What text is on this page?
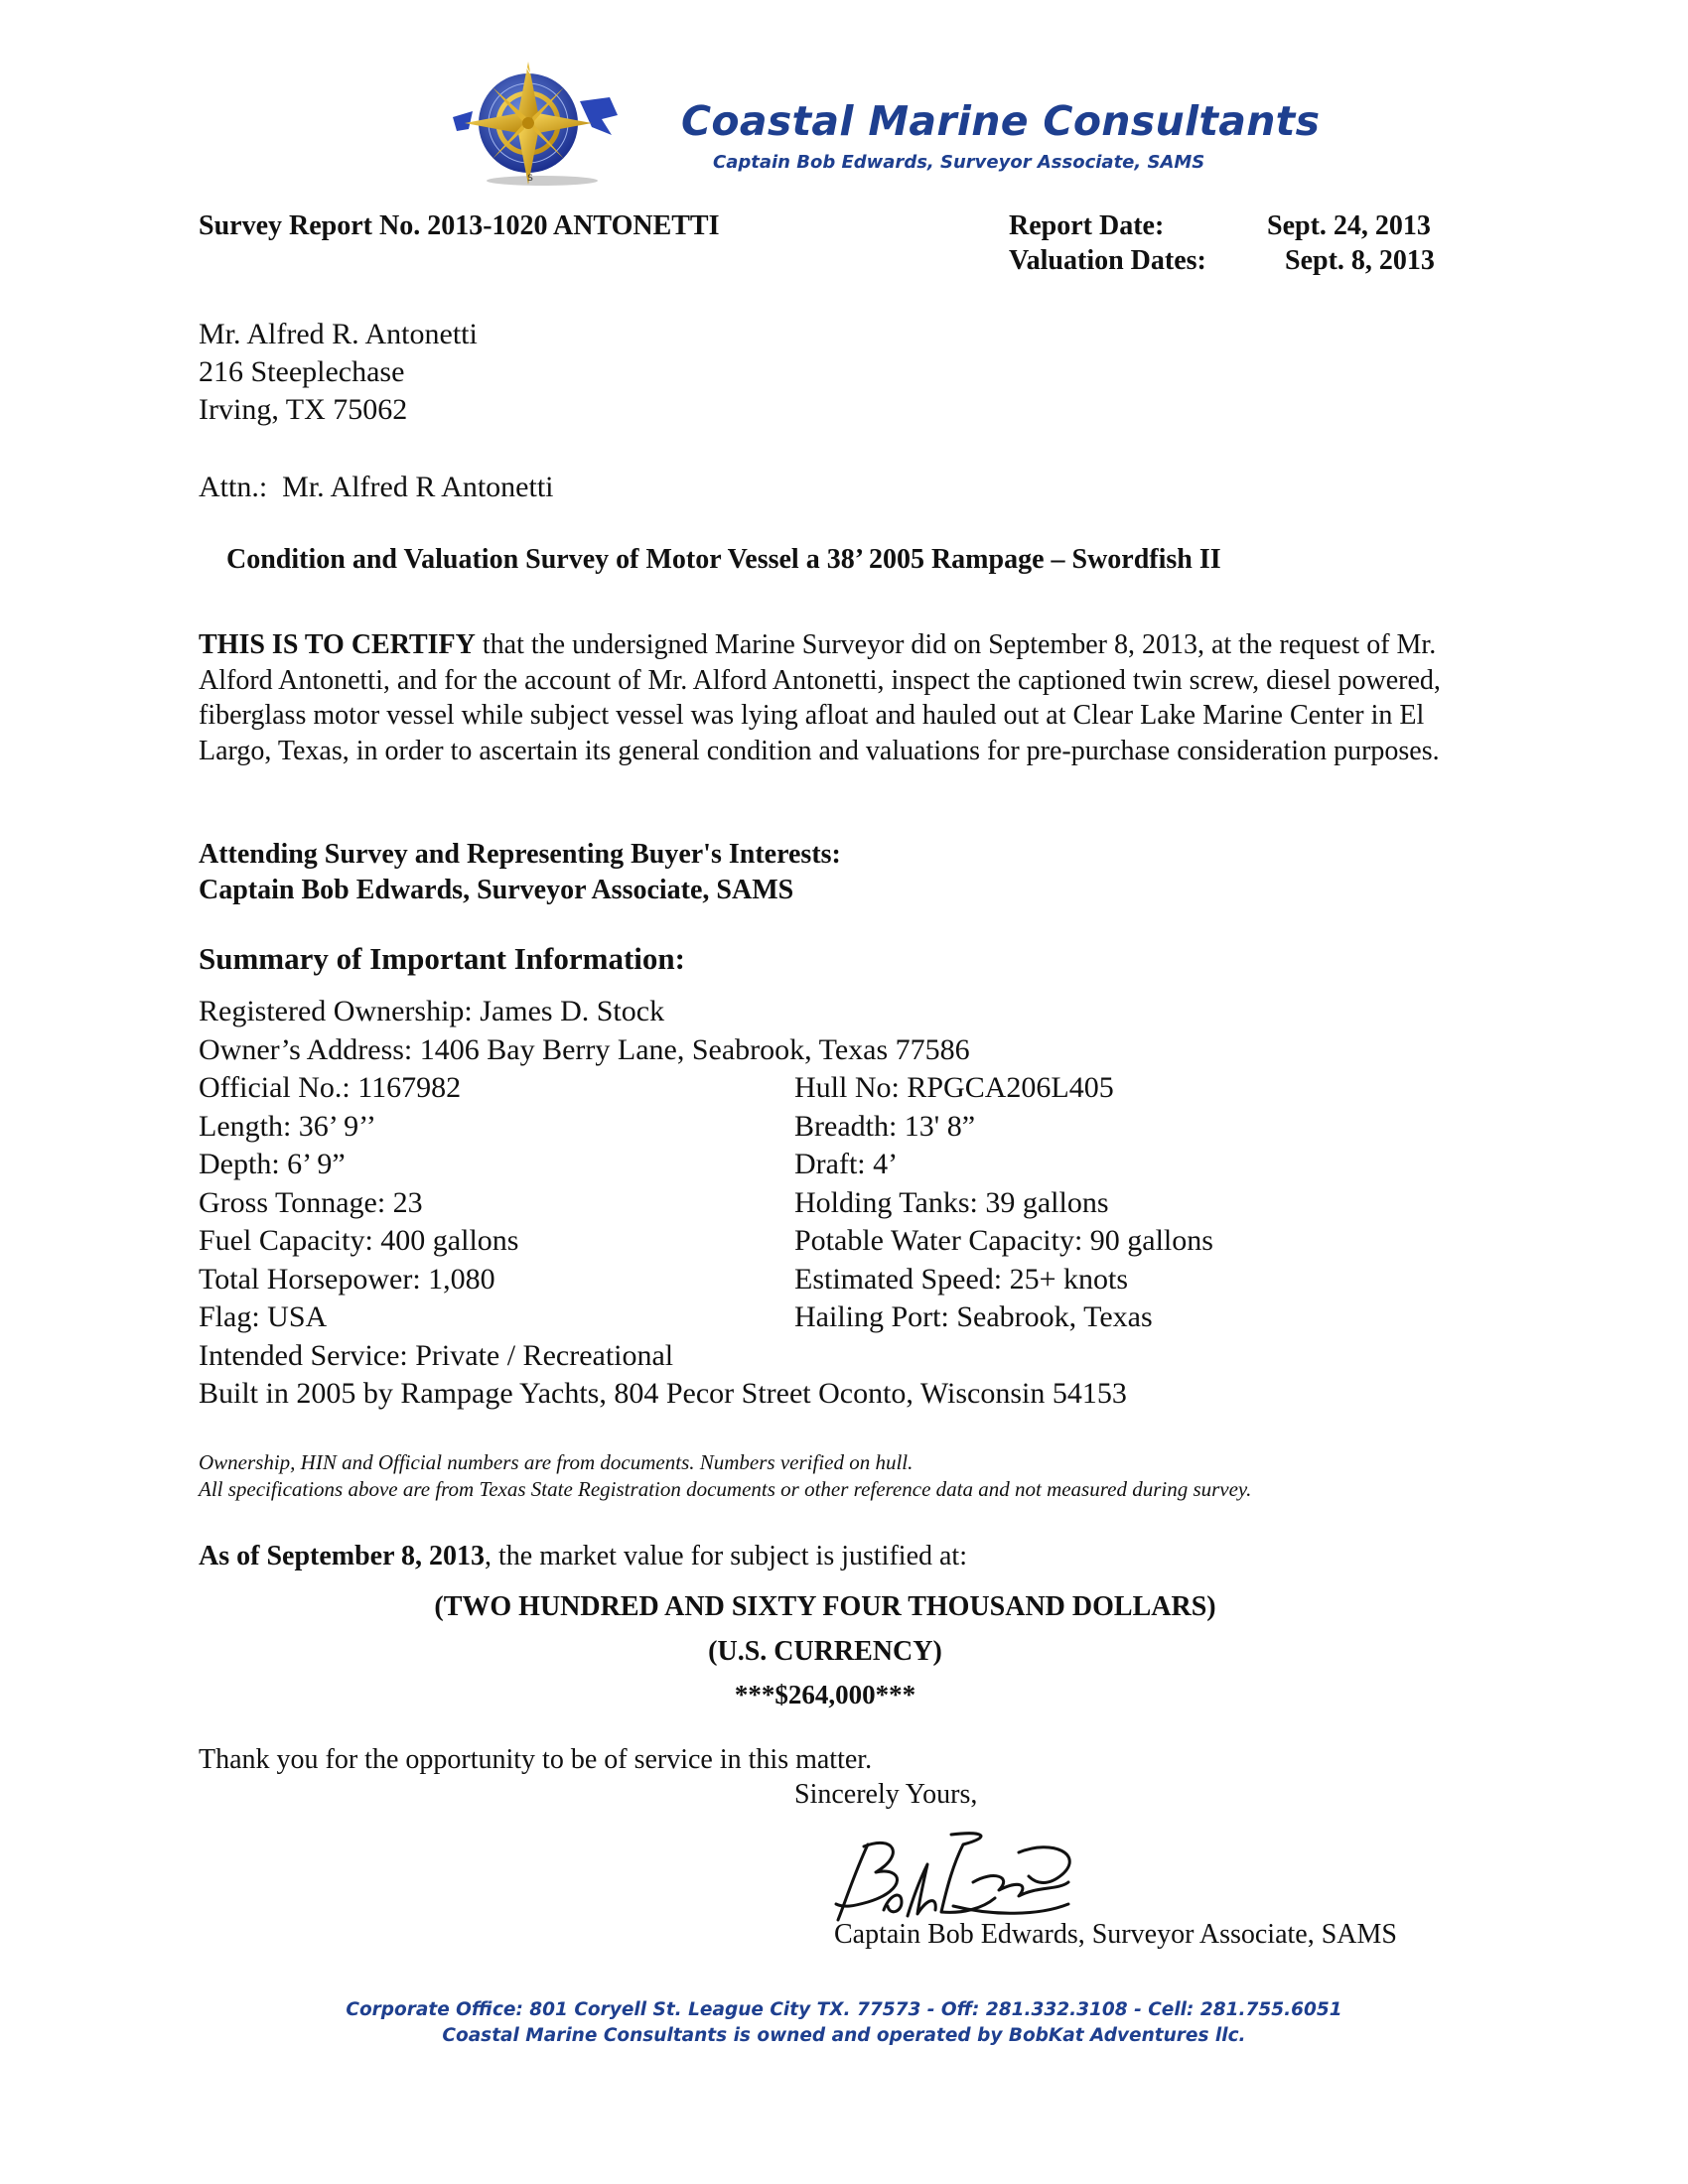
N
S
Coastal Marine Consultants
Captain Bob Edwards, Surveyor Associate, SAMS
Survey Report No. 2013-1020 ANTONETTI	Report Date:	Sept. 24, 2013
Valuation Dates:	Sept. 8, 2013
Mr. Alfred R. Antonetti
216 Steeplechase
Irving, TX 75062
Attn.: Mr. Alfred R Antonetti
Condition and Valuation Survey of Motor Vessel a 38’ 2005 Rampage – Swordfish II
THIS IS TO CERTIFY that the undersigned Marine Surveyor did on September 8, 2013, at the request of Mr. Alford Antonetti, and for the account of Mr. Alford Antonetti, inspect the captioned twin screw, diesel powered, fiberglass motor vessel while subject vessel was lying afloat and hauled out at Clear Lake Marine Center in El Largo, Texas, in order to ascertain its general condition and valuations for pre-purchase consideration purposes.
Attending Survey and Representing Buyer's Interests:
Captain Bob Edwards, Surveyor Associate, SAMS
Summary of Important Information:
Registered Ownership: James D. Stock
Owner’s Address: 1406 Bay Berry Lane, Seabrook, Texas 77586
Official No.: 1167982	Hull No: RPGCA206L405
Length: 36’ 9’’	Breadth: 13' 8”
Depth: 6’ 9”	Draft: 4’
Gross Tonnage: 23	Holding Tanks: 39 gallons
Fuel Capacity: 400 gallons	Potable Water Capacity: 90 gallons
Total Horsepower: 1,080	Estimated Speed: 25+ knots
Flag: USA	Hailing Port: Seabrook, Texas
Intended Service: Private / Recreational
Built in 2005 by Rampage Yachts, 804 Pecor Street Oconto, Wisconsin 54153
Ownership, HIN and Official numbers are from documents. Numbers verified on hull.
All specifications above are from Texas State Registration documents or other reference data and not measured during survey.
As of September 8, 2013, the market value for subject is justified at:
(TWO HUNDRED AND SIXTY FOUR THOUSAND DOLLARS)
(U.S. CURRENCY)
***$264,000***
Thank you for the opportunity to be of service in this matter.
Sincerely Yours,
Captain Bob Edwards, Surveyor Associate, SAMS
Corporate Office: 801 Coryell St. League City TX. 77573 - Off: 281.332.3108 - Cell: 281.755.6051
Coastal Marine Consultants is owned and operated by BobKat Adventures llc.
